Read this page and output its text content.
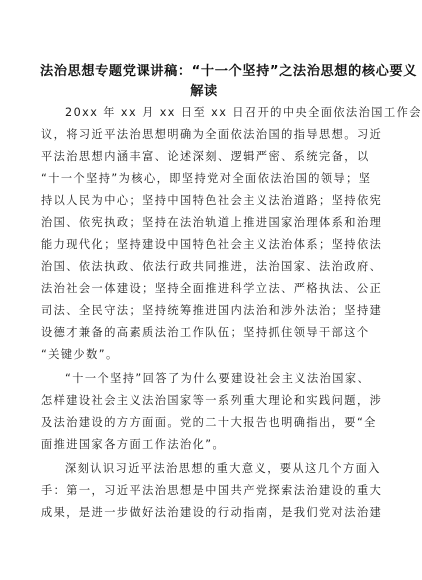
法治思想专题党课讲稿：“十一个坚持”之法治思想的核心要义
解读
20xx 年 xx 月 xx 日至 xx 日召开的中央全面依法治国工作会
议，将习近平法治思想明确为全面依法治国的指导思想。习近
平法治思想内涵丰富、论述深刻、逻辑严密、系统完备，以
“十一个坚持”为核心，即坚持党对全面依法治国的领导；坚
持以人民为中心；坚持中国特色社会主义法治道路；坚持依宪
治国、依宪执政；坚持在法治轨道上推进国家治理体系和治理
能力现代化；坚持建设中国特色社会主义法治体系；坚持依法
治国、依法执政、依法行政共同推进，法治国家、法治政府、
法治社会一体建设；坚持全面推进科学立法、严格执法、公正
司法、全民守法；坚持统筹推进国内法治和涉外法治；坚持建
设德才兼备的高素质法治工作队伍；坚持抓住领导干部这个
“关键少数”。
“十一个坚持”回答了为什么要建设社会主义法治国家、
怎样建设社会主义法治国家等一系列重大理论和实践问题，涉
及法治建设的方方面面。党的二十大报告也明确指出，要“全
面推进国家各方面工作法治化”。
深刻认识习近平法治思想的重大意义，要从这几个方面入
手：第一，习近平法治思想是中国共产党探索法治建设的重大
成果，是进一步做好法治建设的行动指南，是我们党对法治建
